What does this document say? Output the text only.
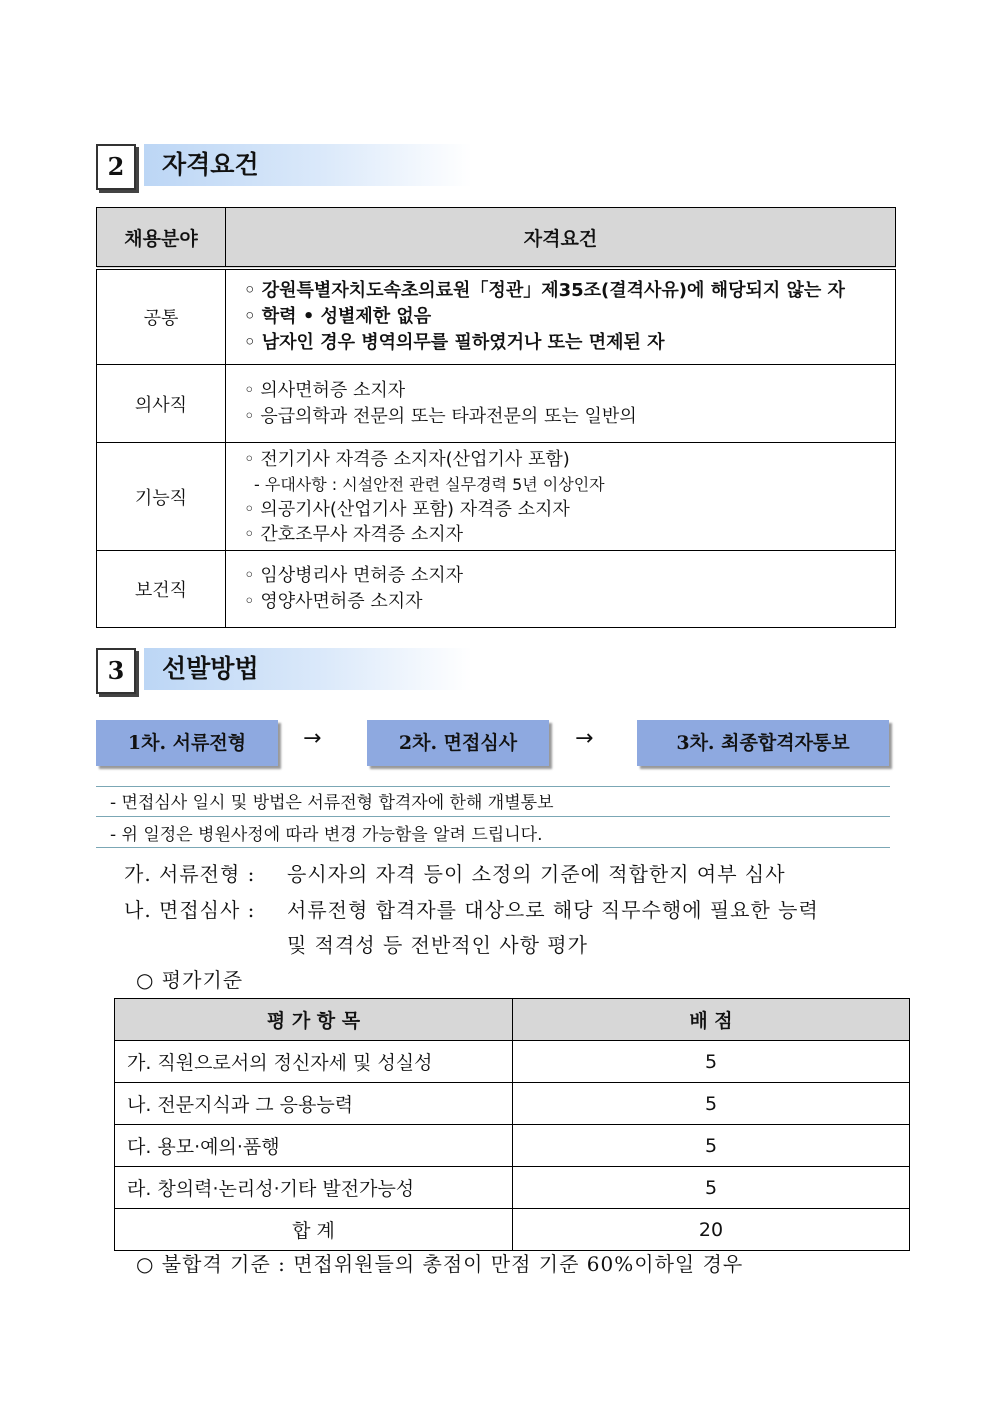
2	자격요건
채용분야	자격요건
공통	◦ 강원특별자치도속초의료원「정관」제35조(결격사유)에 해당되지 않는 자
◦ 학력 • 성별제한 없음
◦ 남자인 경우 병역의무를 필하였거나 또는 면제된 자

의사직	◦ 의사면허증 소지자
◦ 응급의학과 전문의 또는 타과전문의 또는 일반의

기능직	◦ 전기기사 자격증 소지자(산업기사 포함)
- 우대사항 : 시설안전 관련 실무경력 5년 이상인자
◦ 의공기사(산업기사 포함) 자격증 소지자
◦ 간호조무사 자격증 소지자

보건직	◦ 임상병리사 면허증 소지자
◦ 영양사면허증 소지자
3	선발방법
1차. 서류전형	→	2차. 면접심사	→	3차. 최종합격자통보
- 면접심사 일시 및 방법은 서류전형 합격자에 한해 개별통보
- 위 일정은 병원사정에 따라 변경 가능함을 알려 드립니다.
가. 서류전형 : 응시자의 자격 등이 소정의 기준에 적합한지 여부 심사
나. 면접심사 : 서류전형 합격자를 대상으로 해당 직무수행에 필요한 능력
및 적격성 등 전반적인 사항 평가
○ 평가기준
평 가 항 목	배 점
가. 직원으로서의 정신자세 및 성실성	5
나. 전문지식과 그 응용능력	5
다. 용모·예의·품행	5
라. 창의력·논리성·기타 발전가능성	5
합 계	20
○ 불합격 기준 : 면접위원들의 총점이 만점 기준 60%이하일 경우
